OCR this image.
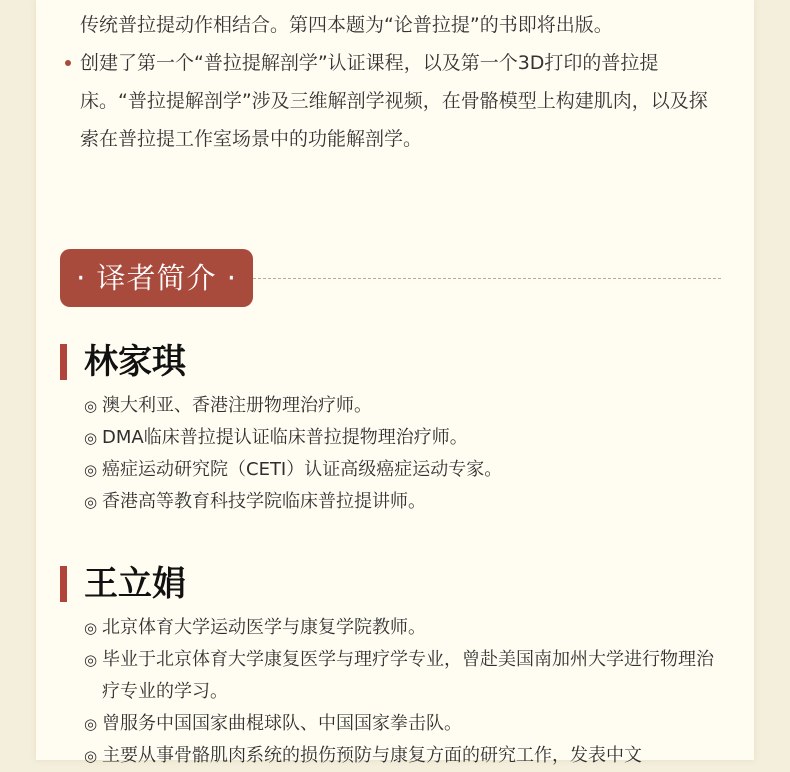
传统普拉提动作相结合。第四本题为“论普拉提”的书即将出版。

创建了第一个“普拉提解剖学”认证课程，以及第一个3D打印的普拉提床。“普拉提解剖学”涉及三维解剖学视频，在骨骼模型上构建肌肉，以及探索在普拉提工作室场景中的功能解剖学。

· 译者简介 ·
林家琪
◎ 澳大利亚、香港注册物理治疗师。
◎ DMA临床普拉提认证临床普拉提物理治疗师。
◎ 癌症运动研究院（CETI）认证高级癌症运动专家。
◎ 香港高等教育科技学院临床普拉提讲师。
王立娟
◎ 北京体育大学运动医学与康复学院教师。
◎ 毕业于北京体育大学康复医学与理疗学专业，曾赴美国南加州大学进行物理治疗专业的学习。
◎ 曾服务中国国家曲棍球队、中国国家拳击队。
◎ 主要从事骨骼肌肉系统的损伤预防与康复方面的研究工作，发表中文
